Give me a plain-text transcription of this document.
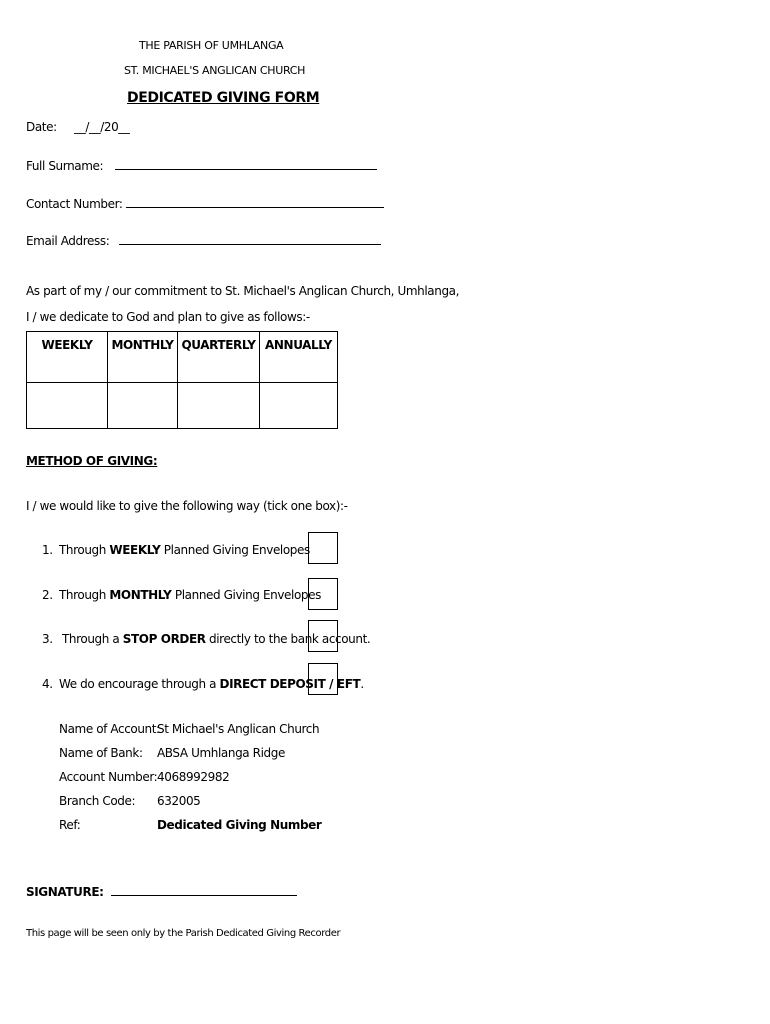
THE PARISH OF UMHLANGA
ST. MICHAEL'S ANGLICAN CHURCH
DEDICATED GIVING FORM
Date: __/__/20__
Full Surname:
Contact Number:
Email Address:
As part of my / our commitment to St. Michael's Anglican Church, Umhlanga,
I / we dedicate to God and plan to give as follows:-
WEEKLY	MONTHLY	QUARTERLY	ANNUALLY

METHOD OF GIVING:
I / we would like to give the following way (tick one box):-
1. Through WEEKLY Planned Giving Envelopes
2. Through MONTHLY Planned Giving Envelopes
3. Through a STOP ORDER directly to the bank account.
4. We do encourage through a DIRECT DEPOSIT / EFT.
Name of Account:St Michael's Anglican Church
Name of Bank: ABSA Umhlanga Ridge
Account Number:4068992982
Branch Code: 632005
Ref:	Dedicated Giving Number
SIGNATURE:
This page will be seen only by the Parish Dedicated Giving Recorder
